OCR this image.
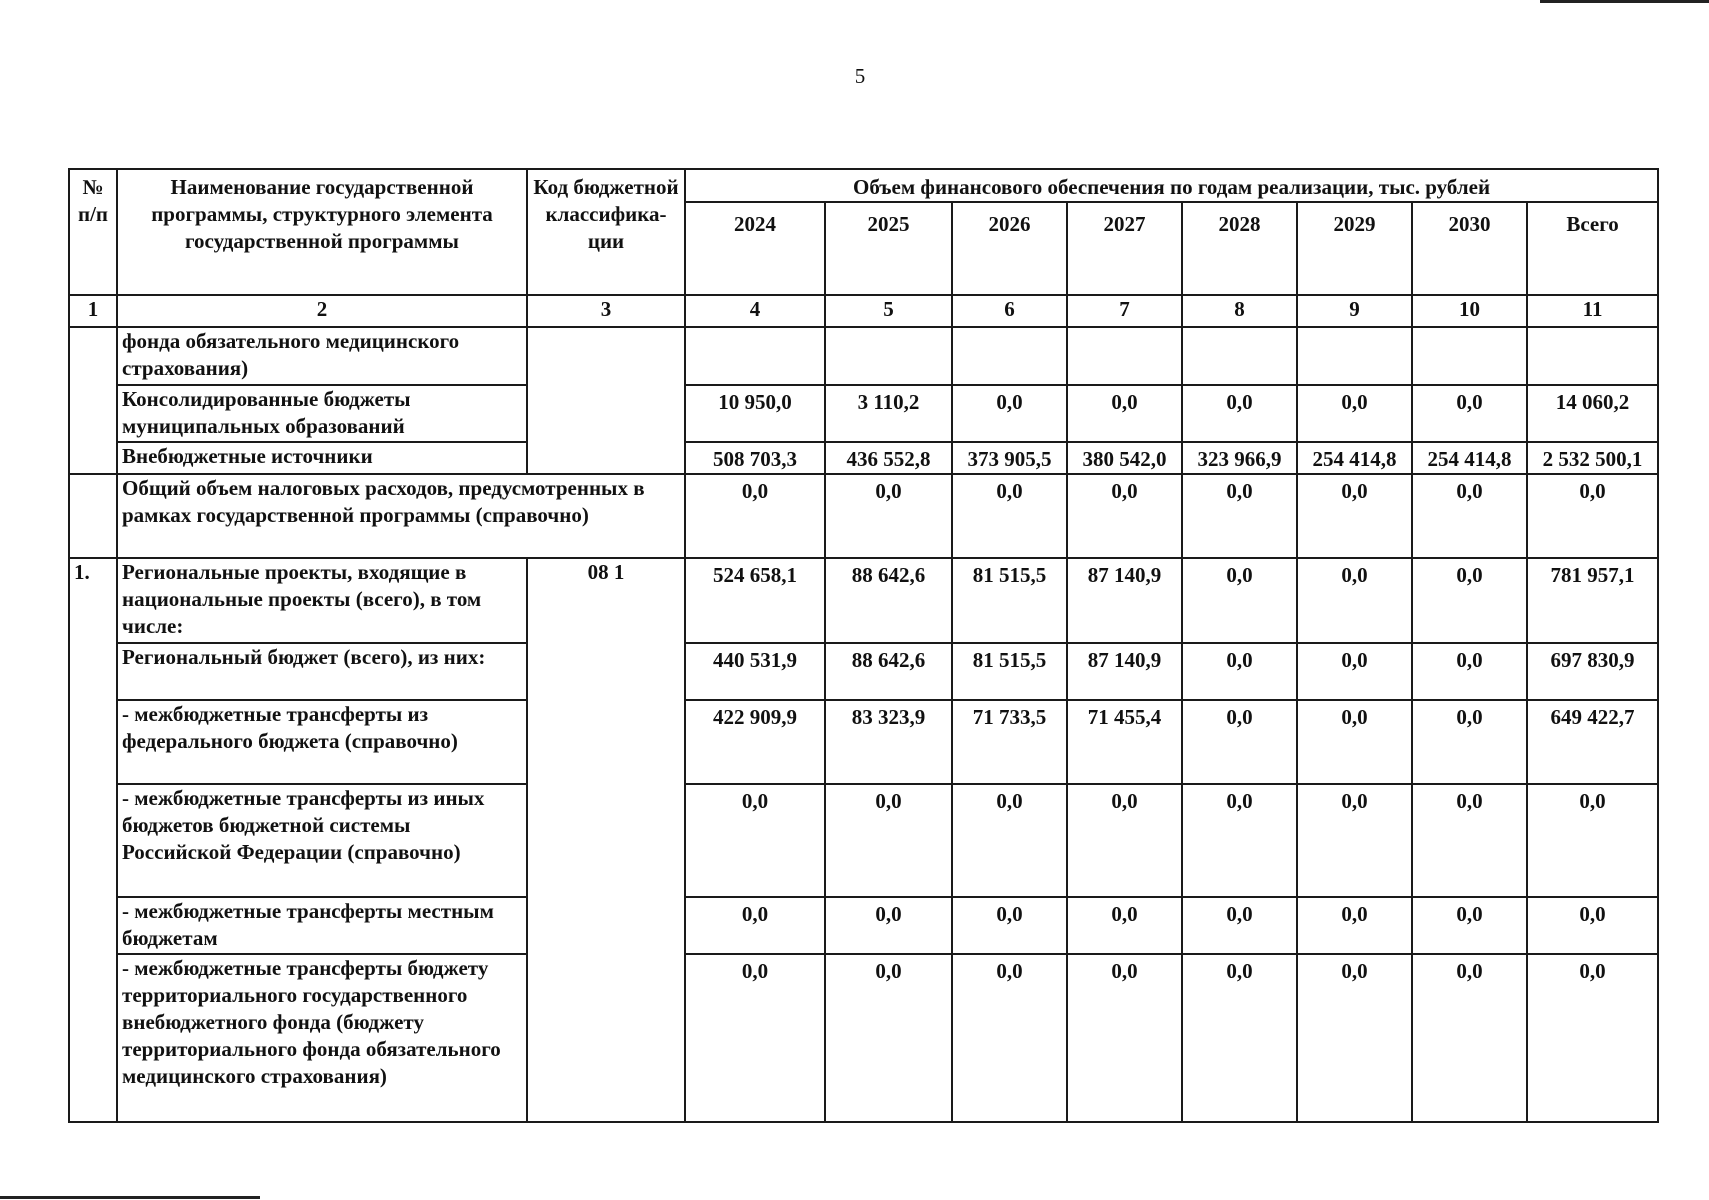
5
№ п/п	Наименование государственной программы, структурного элемента государственной программы	Код бюджетной классифика-ции	Объем финансового обеспечения по годам реализации, тыс. рублей							
			2024	2025	2026	2027	2028	2029	2030	Всего
1	2	3	4	5	6	7	8	9	10	11
	фонда обязательного медицинского страхования)									
	Консолидированные бюджеты муниципальных образований		10 950,0	3 110,2	0,0	0,0	0,0	0,0	0,0	14 060,2
	Внебюджетные источники		508 703,3	436 552,8	373 905,5	380 542,0	323 966,9	254 414,8	254 414,8	2 532 500,1
	Общий объем налоговых расходов, предусмотренных в рамках государственной программы (справочно)		0,0	0,0	0,0	0,0	0,0	0,0	0,0	0,0
1.	Региональные проекты, входящие в национальные проекты (всего), в том числе:	08 1	524 658,1	88 642,6	81 515,5	87 140,9	0,0	0,0	0,0	781 957,1
	Региональный бюджет (всего), из них:		440 531,9	88 642,6	81 515,5	87 140,9	0,0	0,0	0,0	697 830,9
	- межбюджетные трансферты из федерального бюджета (справочно)		422 909,9	83 323,9	71 733,5	71 455,4	0,0	0,0	0,0	649 422,7
	- межбюджетные трансферты из иных бюджетов бюджетной системы Российской Федерации (справочно)		0,0	0,0	0,0	0,0	0,0	0,0	0,0	0,0
	- межбюджетные трансферты местным бюджетам		0,0	0,0	0,0	0,0	0,0	0,0	0,0	0,0
	- межбюджетные трансферты бюджету территориального государственного внебюджетного фонда (бюджету территориального фонда обязательного медицинского страхования)		0,0	0,0	0,0	0,0	0,0	0,0	0,0	0,0
